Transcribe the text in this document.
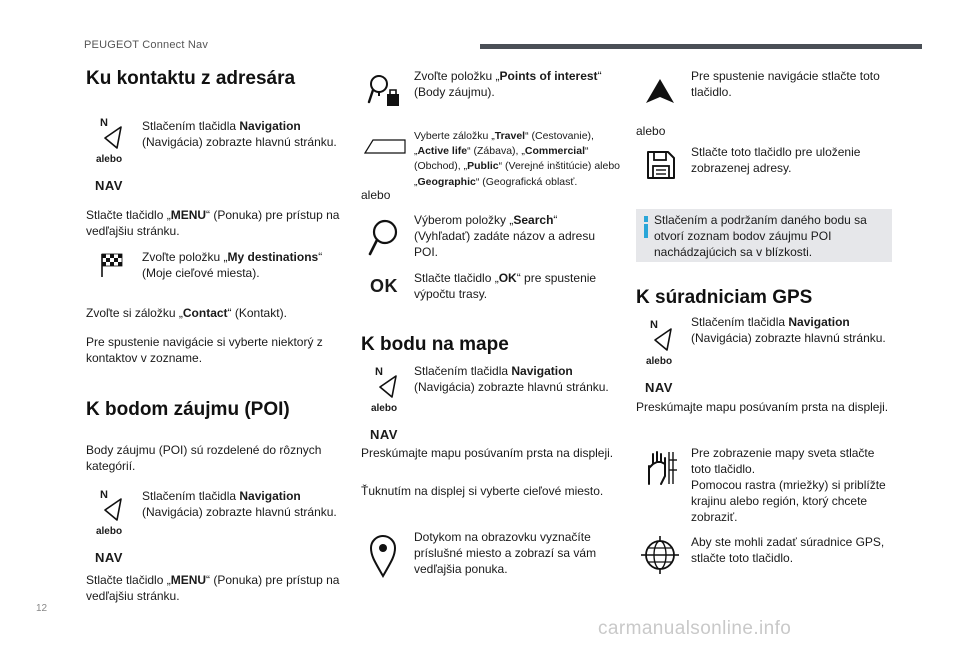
PEUGEOT Connect Nav
Ku kontaktu z adresára
N
alebo
NAV
Stlačením tlačidla Navigation
(Navigácia) zobrazte hlavnú stránku.
Stlačte tlačidlo „MENU“ (Ponuka) pre prístup na vedľajšiu stránku.
Zvoľte položku „My destinations“ (Moje cieľové miesta).
Zvoľte si záložku „Contact“ (Kontakt).
Pre spustenie navigácie si vyberte niektorý z kontaktov v zozname.
K bodom záujmu (POI)
Body záujmu (POI) sú rozdelené do rôznych kategórií.
N
alebo
NAV
Stlačením tlačidla Navigation
(Navigácia) zobrazte hlavnú stránku.
Stlačte tlačidlo „MENU“ (Ponuka) pre prístup na vedľajšiu stránku.
Zvoľte položku „Points of interest“ (Body záujmu).
Vyberte záložku „Travel“ (Cestovanie), „Active life“ (Zábava), „Commercial“ (Obchod), „Public“ (Verejné inštitúcie) alebo „Geographic“ (Geografická oblasť.
alebo
Výberom položky „Search“ (Vyhľadať) zadáte názov a adresu POI.
OK Stlačte tlačidlo „OK“ pre spustenie výpočtu trasy.
K bodu na mape
N
alebo
NAV
Stlačením tlačidla Navigation
(Navigácia) zobrazte hlavnú stránku.
Preskúmajte mapu posúvaním prsta na displeji.
Ťuknutím na displej si vyberte cieľové miesto.
Dotykom na obrazovku vyznačíte príslušné miesto a zobrazí sa vám vedľajšia ponuka.
Pre spustenie navigácie stlačte toto tlačidlo.
alebo
Stlačte toto tlačidlo pre uloženie zobrazenej adresy.
Stlačením a podržaním daného bodu sa otvorí zoznam bodov záujmu POI nachádzajúcich sa v blízkosti.
K súradniciam GPS
N
alebo
NAV
Stlačením tlačidla Navigation
(Navigácia) zobrazte hlavnú stránku.
Preskúmajte mapu posúvaním prsta na displeji.
Pre zobrazenie mapy sveta stlačte toto tlačidlo.
Pomocou rastra (mriežky) si priblížte krajinu alebo región, ktorý chcete zobraziť.
Aby ste mohli zadať súradnice GPS, stlačte toto tlačidlo.
12
carmanualsonline.info
